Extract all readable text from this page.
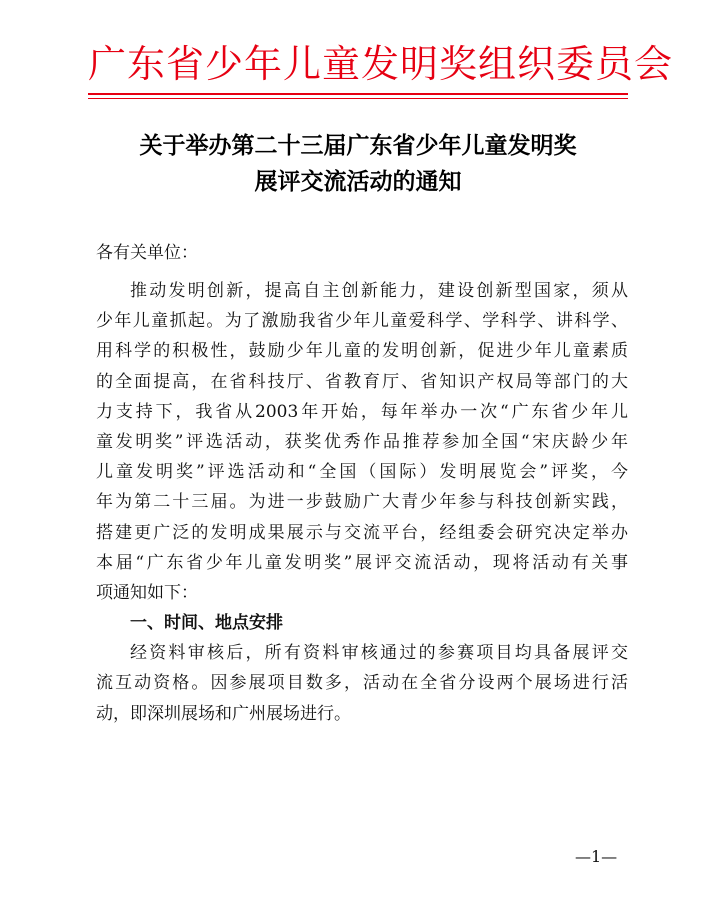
广东省少年儿童发明奖组织委员会
关于举办第二十三届广东省少年儿童发明奖
展评交流活动的通知
各有关单位：
推动发明创新，提高自主创新能力，建设创新型国家，须从
少年儿童抓起。为了激励我省少年儿童爱科学、学科学、讲科学、
用科学的积极性，鼓励少年儿童的发明创新，促进少年儿童素质
的全面提高，在省科技厅、省教育厅、省知识产权局等部门的大
力支持下，我省从2003年开始，每年举办一次“广东省少年儿
童发明奖”评选活动，获奖优秀作品推荐参加全国“宋庆龄少年
儿童发明奖”评选活动和“全国（国际）发明展览会”评奖，今
年为第二十三届。为进一步鼓励广大青少年参与科技创新实践，
搭建更广泛的发明成果展示与交流平台，经组委会研究决定举办
本届“广东省少年儿童发明奖”展评交流活动，现将活动有关事
项通知如下：
一、时间、地点安排
经资料审核后，所有资料审核通过的参赛项目均具备展评交
流互动资格。因参展项目数多，活动在全省分设两个展场进行活
动，即深圳展场和广州展场进行。
—1—
